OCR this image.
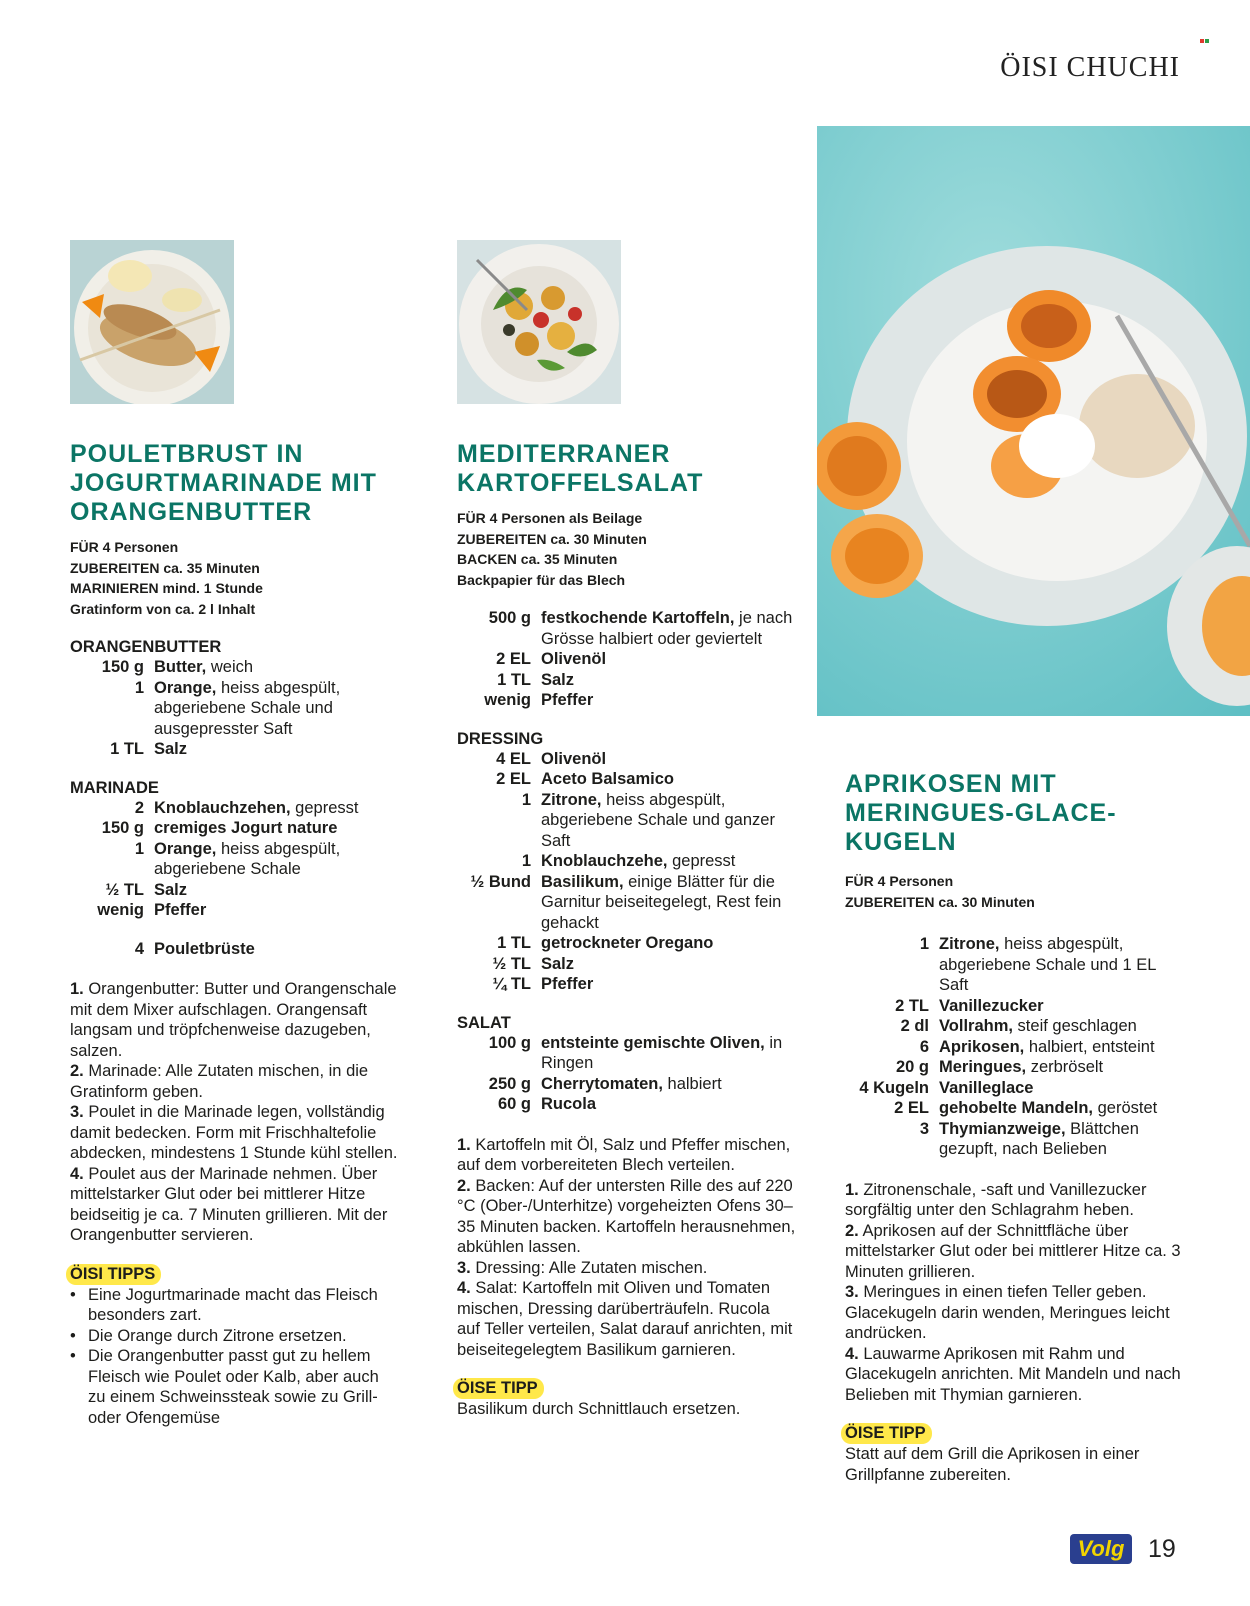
ÖISI CHUCHI
POULETBRUST IN JOGURTMARINADE MIT ORANGENBUTTER
FÜR 4 Personen
ZUBEREITEN ca. 35 Minuten
MARINIEREN mind. 1 Stunde
Gratinform von ca. 2 l Inhalt
ORANGENBUTTER
150 g	Butter, weich
1	Orange, heiss abgespült, abgeriebene Schale und ausgepresster Saft
1 TL	Salz
MARINADE
2	Knoblauchzehen, gepresst
150 g	cremiges Jogurt nature
1	Orange, heiss abgespült, abgeriebene Schale
½ TL	Salz
wenig	Pfeffer
4	Pouletbrüste

1. Orangenbutter: Butter und Orangenschale mit dem Mixer aufschlagen. Orangensaft langsam und tröpfchenweise dazugeben, salzen.

2. Marinade: Alle Zutaten mischen, in die Gratinform geben.

3. Poulet in die Marinade legen, vollständig damit bedecken. Form mit Frischhaltefolie abdecken, mindestens 1 Stunde kühl stellen.

4. Poulet aus der Marinade nehmen. Über mittelstarker Glut oder bei mittlerer Hitze beidseitig je ca. 7 Minuten grillieren. Mit der Orangenbutter servieren.

ÖISI TIPPS
• Eine Jogurtmarinade macht das Fleisch besonders zart.
• Die Orange durch Zitrone ersetzen.
• Die Orangenbutter passt gut zu hellem Fleisch wie Poulet oder Kalb, aber auch zu einem Schweinssteak sowie zu Grill- oder Ofengemüse
MEDITERRANER KARTOFFELSALAT
FÜR 4 Personen als Beilage
ZUBEREITEN ca. 30 Minuten
BACKEN ca. 35 Minuten
Backpapier für das Blech
500 g	festkochende Kartoffeln, je nach Grösse halbiert oder geviertelt
2 EL	Olivenöl
1 TL	Salz
wenig	Pfeffer
DRESSING
4 EL	Olivenöl
2 EL	Aceto Balsamico
1	Zitrone, heiss abgespült, abgeriebene Schale und ganzer Saft
1	Knoblauchzehe, gepresst
½ Bund	Basilikum, einige Blätter für die Garnitur beiseitegelegt, Rest fein gehackt
1 TL	getrockneter Oregano
½ TL	Salz
¼ TL	Pfeffer
SALAT
100 g	entsteinte gemischte Oliven, in Ringen
250 g	Cherrytomaten, halbiert
60 g	Rucola

1. Kartoffeln mit Öl, Salz und Pfeffer mischen, auf dem vorbereiteten Blech verteilen.

2. Backen: Auf der untersten Rille des auf 220 °C (Ober-/Unterhitze) vorgeheizten Ofens 30–35 Minuten backen. Kartoffeln herausnehmen, abkühlen lassen.

3. Dressing: Alle Zutaten mischen.

4. Salat: Kartoffeln mit Oliven und Tomaten mischen, Dressing darüberträufeln. Rucola auf Teller verteilen, Salat darauf anrichten, mit beiseitegelegtem Basilikum garnieren.

ÖISE TIPP
Basilikum durch Schnittlauch ersetzen.
APRIKOSEN MIT MERINGUES-GLACE-KUGELN
FÜR 4 Personen
ZUBEREITEN ca. 30 Minuten
1	Zitrone, heiss abgespült, abgeriebene Schale und 1 EL Saft
2 TL	Vanillezucker
2 dl	Vollrahm, steif geschlagen
6	Aprikosen, halbiert, entsteint
20 g	Meringues, zerbröselt
4 Kugeln	Vanilleglace
2 EL	gehobelte Mandeln, geröstet
3	Thymianzweige, Blättchen gezupft, nach Belieben

1. Zitronenschale, -saft und Vanillezucker sorgfältig unter den Schlagrahm heben.

2. Aprikosen auf der Schnittfläche über mittelstarker Glut oder bei mittlerer Hitze ca. 3 Minuten grillieren.

3. Meringues in einen tiefen Teller geben. Glacekugeln darin wenden, Meringues leicht andrücken.

4. Lauwarme Aprikosen mit Rahm und Glacekugeln anrichten. Mit Mandeln und nach Belieben mit Thymian garnieren.

ÖISE TIPP
Statt auf dem Grill die Aprikosen in einer Grillpfanne zubereiten.
Volg 19
